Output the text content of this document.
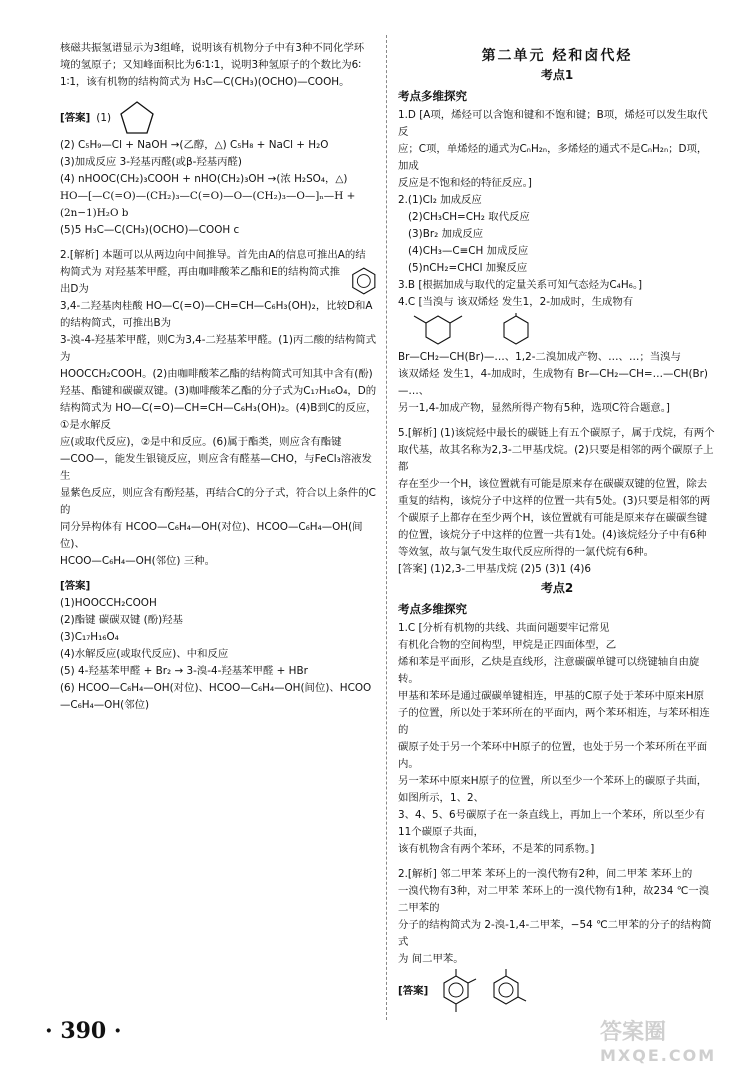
核磁共振氢谱显示为3组峰，说明该有机物分子中有3种不同化学环

境的氢原子；又知峰面积比为6∶1∶1，说明3种氢原子的个数比为6∶

1∶1，该有机物的结构简式为 H₃C—C(CH₃)(OCHO)—COOH。

[答案] (1)

(2) C₅H₉—Cl + NaOH →(乙醇，△) C₅H₈ + NaCl + H₂O

(3)加成反应 3-羟基丙醛(或β-羟基丙醛)

(4) nHOOC(CH₂)₃COOH + nHO(CH₂)₃OH →(浓 H₂SO₄，△)

HO—[—C(=O)—(CH₂)₃—C(=O)—O—(CH₂)₃—O—]ₙ—H + (2n−1)H₂O b

(5)5 H₃C—C(CH₃)(OCHO)—COOH c

2.[解析] 本题可以从两边向中间推导。首先由A的信息可推出A的结

构简式为 对羟基苯甲醛，再由咖啡酸苯乙酯和E的结构简式推出D为

3,4-二羟基肉桂酸 HO—C(=O)—CH=CH—C₆H₃(OH)₂，比较D和A的结构简式，可推出B为

3-溴-4-羟基苯甲醛，则C为3,4-二羟基苯甲醛。(1)丙二酸的结构简式为

HOOCCH₂COOH。(2)由咖啡酸苯乙酯的结构简式可知其中含有(酚)

羟基、酯键和碳碳双键。(3)咖啡酸苯乙酯的分子式为C₁₇H₁₆O₄，D的

结构简式为 HO—C(=O)—CH=CH—C₆H₃(OH)₂。(4)B到C的反应，①是水解反

应(或取代反应)，②是中和反应。(6)属于酯类，则应含有酯键

—COO—，能发生银镜反应，则应含有醛基—CHO，与FeCl₃溶液发生

显紫色反应，则应含有酚羟基，再结合C的分子式，符合以上条件的C的

同分异构体有 HCOO—C₆H₄—OH(对位)、HCOO—C₆H₄—OH(间位)、

HCOO—C₆H₄—OH(邻位) 三种。

[答案]

(1)HOOCCH₂COOH

(2)酯键 碳碳双键 (酚)羟基

(3)C₁₇H₁₆O₄

(4)水解反应(或取代反应)、中和反应

(5) 4-羟基苯甲醛 + Br₂ → 3-溴-4-羟基苯甲醛 + HBr

(6) HCOO—C₆H₄—OH(对位)、HCOO—C₆H₄—OH(间位)、HCOO—C₆H₄—OH(邻位)

第二单元 烃和卤代烃
考点1
考点多维探究

1.D [A项，烯烃可以含饱和键和不饱和键；B项，烯烃可以发生取代反

应；C项，单烯烃的通式为CₙH₂ₙ，多烯烃的通式不是CₙH₂ₙ；D项，加成

反应是不饱和烃的特征反应。]

2.(1)Cl₂ 加成反应

(2)CH₃CH=CH₂ 取代反应

(3)Br₂ 加成反应

(4)CH₃—C≡CH 加成反应

(5)nCH₂=CHCl 加聚反应

3.B [根据加成与取代的定量关系可知气态烃为C₄H₆。]

4.C [当溴与 该双烯烃 发生1，2-加成时，生成物有

Br—CH₂—CH(Br)—…、1,2-二溴加成产物、…、…；当溴与

该双烯烃 发生1，4-加成时，生成物有 Br—CH₂—CH=…—CH(Br)—…、

另一1,4-加成产物，显然所得产物有5种，选项C符合题意。]

5.[解析] (1)该烷烃中最长的碳链上有五个碳原子，属于戊烷，有两个

取代基，故其名称为2,3-二甲基戊烷。(2)只要是相邻的两个碳原子上都

存在至少一个H，该位置就有可能是原来存在碳碳双键的位置，除去

重复的结构，该烷分子中这样的位置一共有5处。(3)只要是相邻的两

个碳原子上都存在至少两个H，该位置就有可能是原来存在碳碳叁键

的位置，该烷分子中这样的位置一共有1处。(4)该烷烃分子中有6种

等效氢，故与氯气发生取代反应所得的一氯代烷有6种。

[答案] (1)2,3-二甲基戊烷 (2)5 (3)1 (4)6

考点2
考点多维探究

1.C [分析有机物的共线、共面问题要牢记常见

有机化合物的空间构型，甲烷是正四面体型，乙

烯和苯是平面形，乙炔是直线形，注意碳碳单键可以绕键轴自由旋转。

甲基和苯环是通过碳碳单键相连，甲基的C原子处于苯环中原来H原

子的位置，所以处于苯环所在的平面内，两个苯环相连，与苯环相连的

碳原子处于另一个苯环中H原子的位置，也处于另一个苯环所在平面内。

另一苯环中原来H原子的位置，所以至少一个苯环上的碳原子共面，如图所示，1、2、

3、4、5、6号碳原子在一条直线上，再加上一个苯环，所以至少有11个碳原子共面，

该有机物含有两个苯环，不是苯的同系物。]

2.[解析] 邻二甲苯 苯环上的一溴代物有2种，间二甲苯 苯环上的

一溴代物有3种，对二甲苯 苯环上的一溴代物有1种，故234 ℃一溴二甲苯的

分子的结构简式为 2-溴-1,4-二甲苯，−54 ℃二甲苯的分子的结构简式

为 间二甲苯。

[答案]
· 390 ·	答案圈
MXQE.COM
